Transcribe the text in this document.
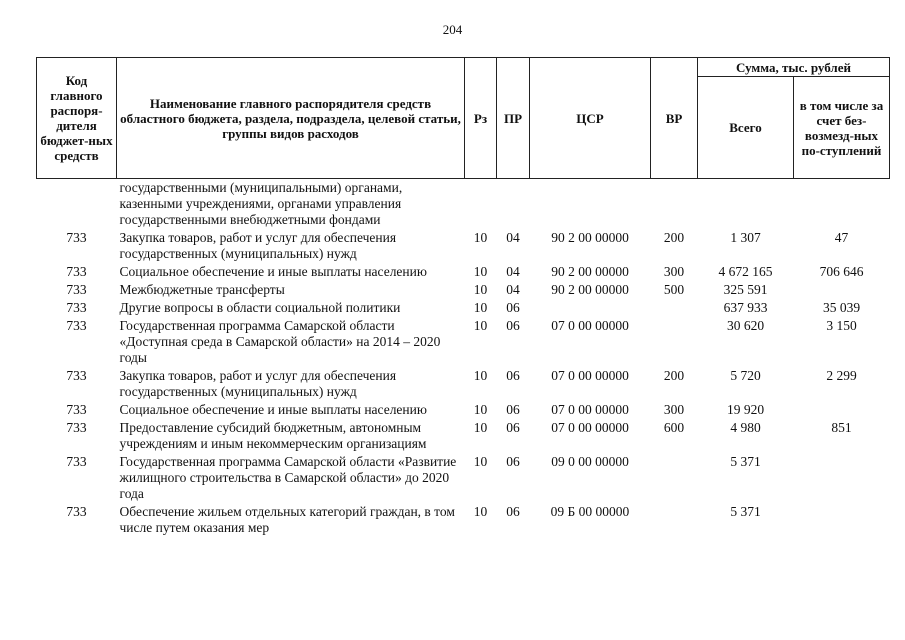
204
Код главного распоря-дителя бюджет-ных средств	Наименование главного распорядителя средств областного бюджета, раздела, подраздела, целевой статьи, группы видов расходов	Рз	ПР	ЦСР	ВР	Сумма, тыс. рублей	
						Всего	в том числе за счет без-возмезд-ных по-ступлений
	государственными (муниципальными) органами, казенными учреждениями, органами управления государственными внебюджетными фондами						
733	Закупка товаров, работ и услуг для обеспечения государственных (муниципальных) нужд	10	04	90 2 00 00000	200	1 307	47
733	Социальное обеспечение и иные выплаты населению	10	04	90 2 00 00000	300	4 672 165	706 646
733	Межбюджетные трансферты	10	04	90 2 00 00000	500	325 591	
733	Другие вопросы в области социальной политики	10	06			637 933	35 039
733	Государственная программа Самарской области «Доступная среда в Самарской области» на 2014 – 2020 годы	10	06	07 0 00 00000		30 620	3 150
733	Закупка товаров, работ и услуг для обеспечения государственных (муниципальных) нужд	10	06	07 0 00 00000	200	5 720	2 299
733	Социальное обеспечение и иные выплаты населению	10	06	07 0 00 00000	300	19 920	
733	Предоставление субсидий бюджетным, автономным учреждениям и иным некоммерческим организациям	10	06	07 0 00 00000	600	4 980	851
733	Государственная программа Самарской области «Развитие жилищного строительства в Самарской области» до 2020 года	10	06	09 0 00 00000		5 371	
733	Обеспечение жильем отдельных категорий граждан, в том числе путем оказания мер	10	06	09 Б 00 00000		5 371	
